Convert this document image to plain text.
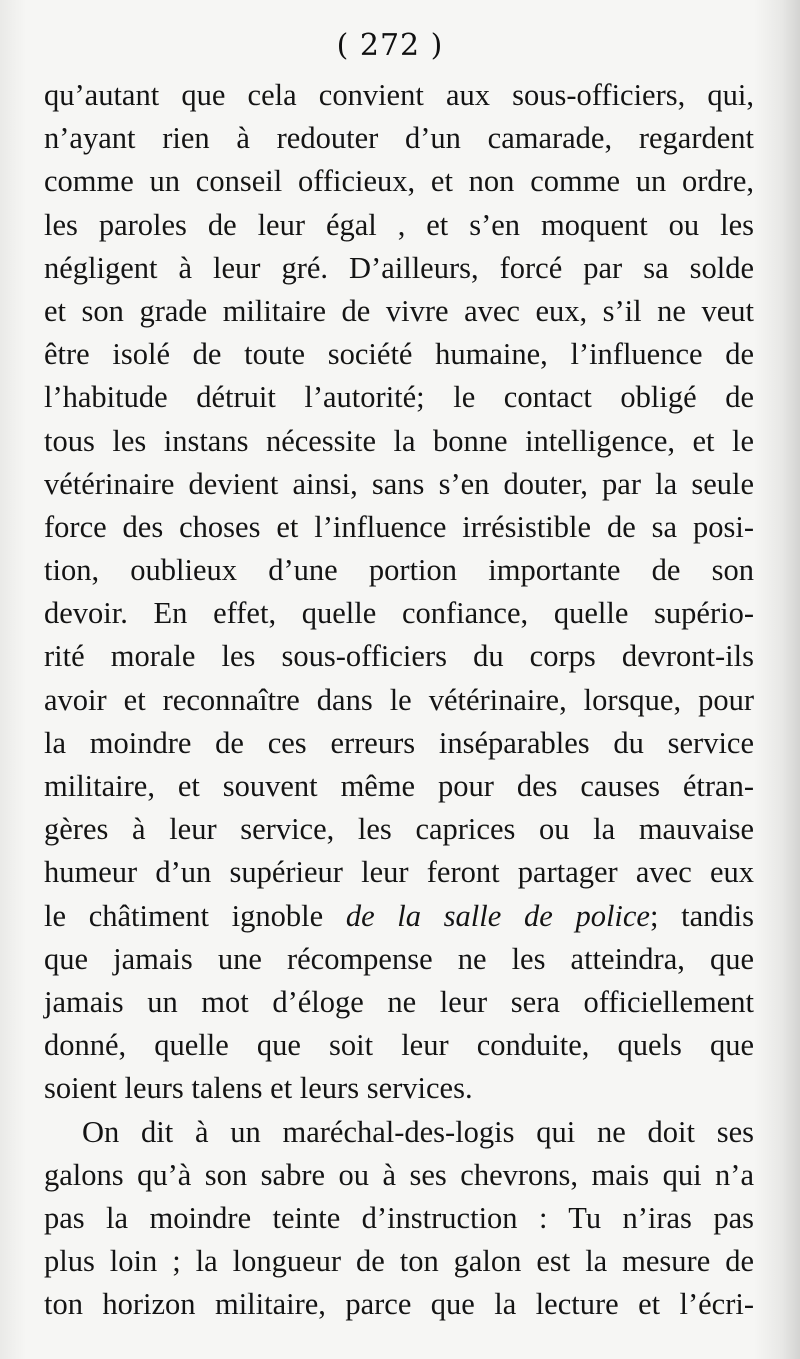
( 272 )
qu’autant que cela convient aux sous-officiers, qui,
n’ayant rien à redouter d’un camarade, regardent
comme un conseil officieux, et non comme un ordre,
les paroles de leur égal , et s’en moquent ou les
négligent à leur gré. D’ailleurs, forcé par sa solde
et son grade militaire de vivre avec eux, s’il ne veut
être isolé de toute société humaine, l’influence de
l’habitude détruit l’autorité; le contact obligé de
tous les instans nécessite la bonne intelligence, et le
vétérinaire devient ainsi, sans s’en douter, par la seule
force des choses et l’influence irrésistible de sa posi-
tion, oublieux d’une portion importante de son
devoir. En effet, quelle confiance, quelle supério-
rité morale les sous-officiers du corps devront-ils
avoir et reconnaître dans le vétérinaire, lorsque, pour
la moindre de ces erreurs inséparables du service
militaire, et souvent même pour des causes étran-
gères à leur service, les caprices ou la mauvaise
humeur d’un supérieur leur feront partager avec eux
le châtiment ignoble de la salle de police; tandis
que jamais une récompense ne les atteindra, que
jamais un mot d’éloge ne leur sera officiellement
donné, quelle que soit leur conduite, quels que
soient leurs talens et leurs services.
On dit à un maréchal-des-logis qui ne doit ses
galons qu’à son sabre ou à ses chevrons, mais qui n’a
pas la moindre teinte d’instruction : Tu n’iras pas
plus loin ; la longueur de ton galon est la mesure de
ton horizon militaire, parce que la lecture et l’écri-
